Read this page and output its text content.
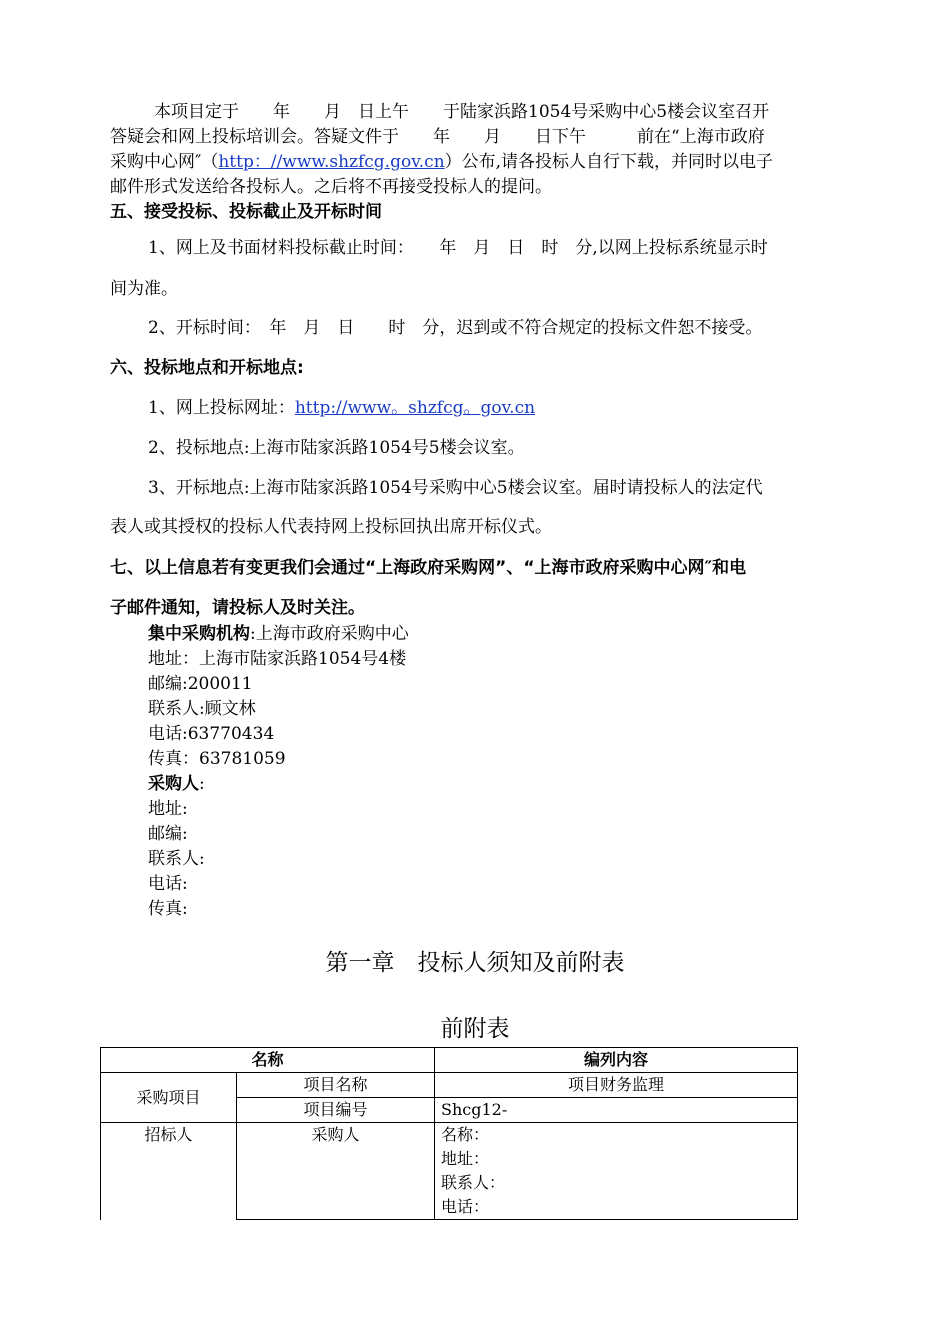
本项目定于　　年　　月　日上午　　于陆家浜路1054号采购中心5楼会议室召开
答疑会和网上投标培训会。答疑文件于　　年　　月　　日下午　　　前在“上海市政府
采购中心网″（http：//www.shzfcg.gov.cn）公布,请各投标人自行下载，并同时以电子
邮件形式发送给各投标人。之后将不再接受投标人的提问。
五、接受投标、投标截止及开标时间
1、网上及书面材料投标截止时间：　　年　月　日　时　分,以网上投标系统显示时
间为准。
2、开标时间：　年　月　日　　时　分，迟到或不符合规定的投标文件恕不接受。
六、投标地点和开标地点:
1、网上投标网址：http://www。shzfcg。gov.cn
2、投标地点:上海市陆家浜路1054号5楼会议室。
3、开标地点:上海市陆家浜路1054号采购中心5楼会议室。届时请投标人的法定代
表人或其授权的投标人代表持网上投标回执出席开标仪式。
七、以上信息若有变更我们会通过“上海政府采购网”、“上海市政府采购中心网″和电
子邮件通知，请投标人及时关注。
集中采购机构:上海市政府采购中心
地址：上海市陆家浜路1054号4楼
邮编:200011
联系人:顾文林
电话:63770434
传真：63781059
采购人:
地址:
邮编:
联系人:
电话:
传真:
第一章　投标人须知及前附表
前附表
名称		编列内容
采购项目	项目名称	项目财务监理
	项目编号	Shcg12-
招标人	采购人	名称：
地址：
联系人：
电话：
